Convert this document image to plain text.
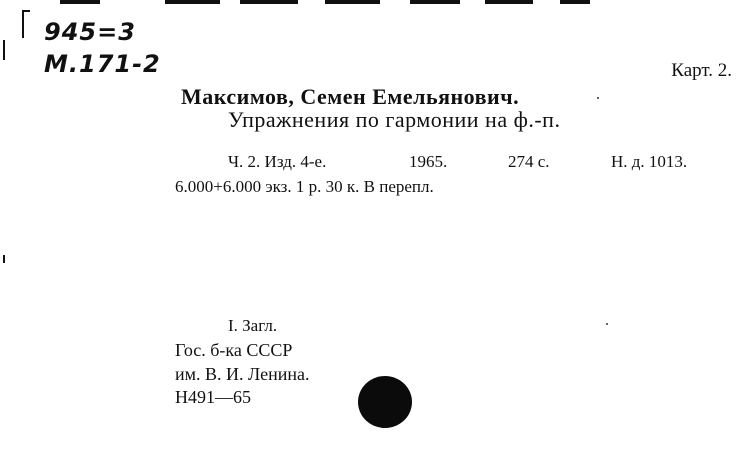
945=3
М.171-2	Карт. 2.
Максимов, Семен Емельянович.
Упражнения по гармонии на ф.-п.
Ч. 2. Изд. 4-е.	1965.	274 с.	Н. д. 1013.
6.000+6.000 экз. 1 р. 30 к. В перепл.
I. Загл.
Гос. б-ка СССР
им. В. И. Ленина.
Н491—65
